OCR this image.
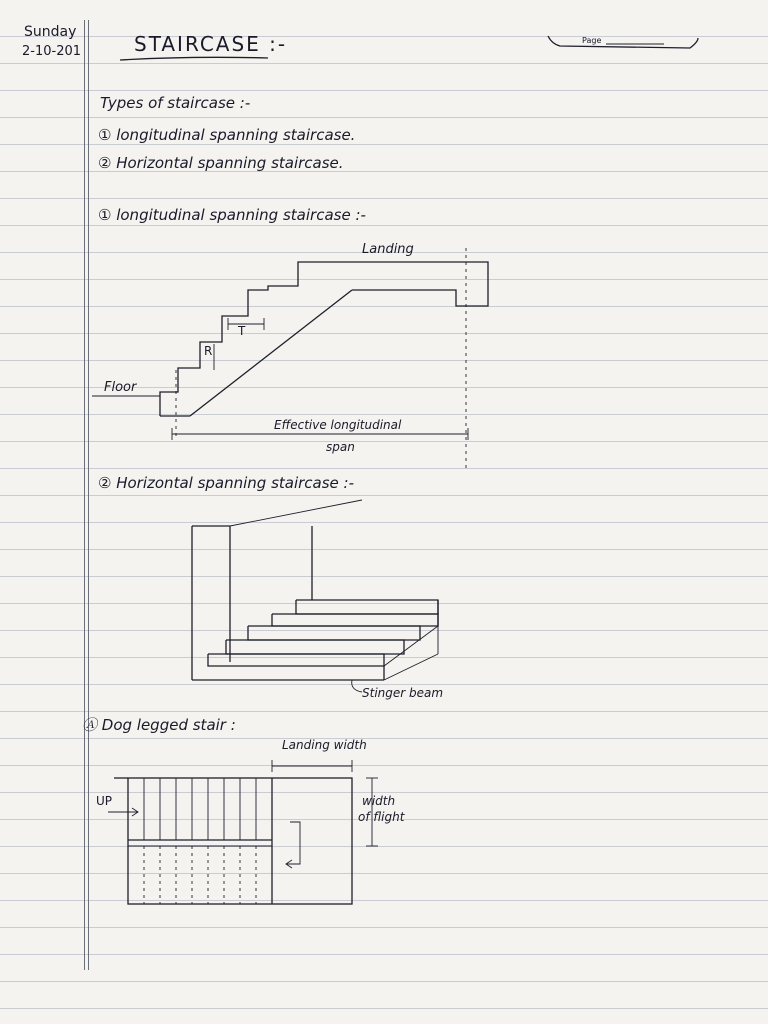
Sunday
2-10-201	STAIRCASE :-	Page
Types of staircase :-
① longitudinal spanning staircase.
② Horizontal spanning staircase.
① longitudinal spanning staircase :-
Landing
T
R
Floor
Effective longitudinal
span
② Horizontal spanning staircase :-
Stinger beam
Ⓐ Dog legged stair :
Landing width
UP	width
of flight
